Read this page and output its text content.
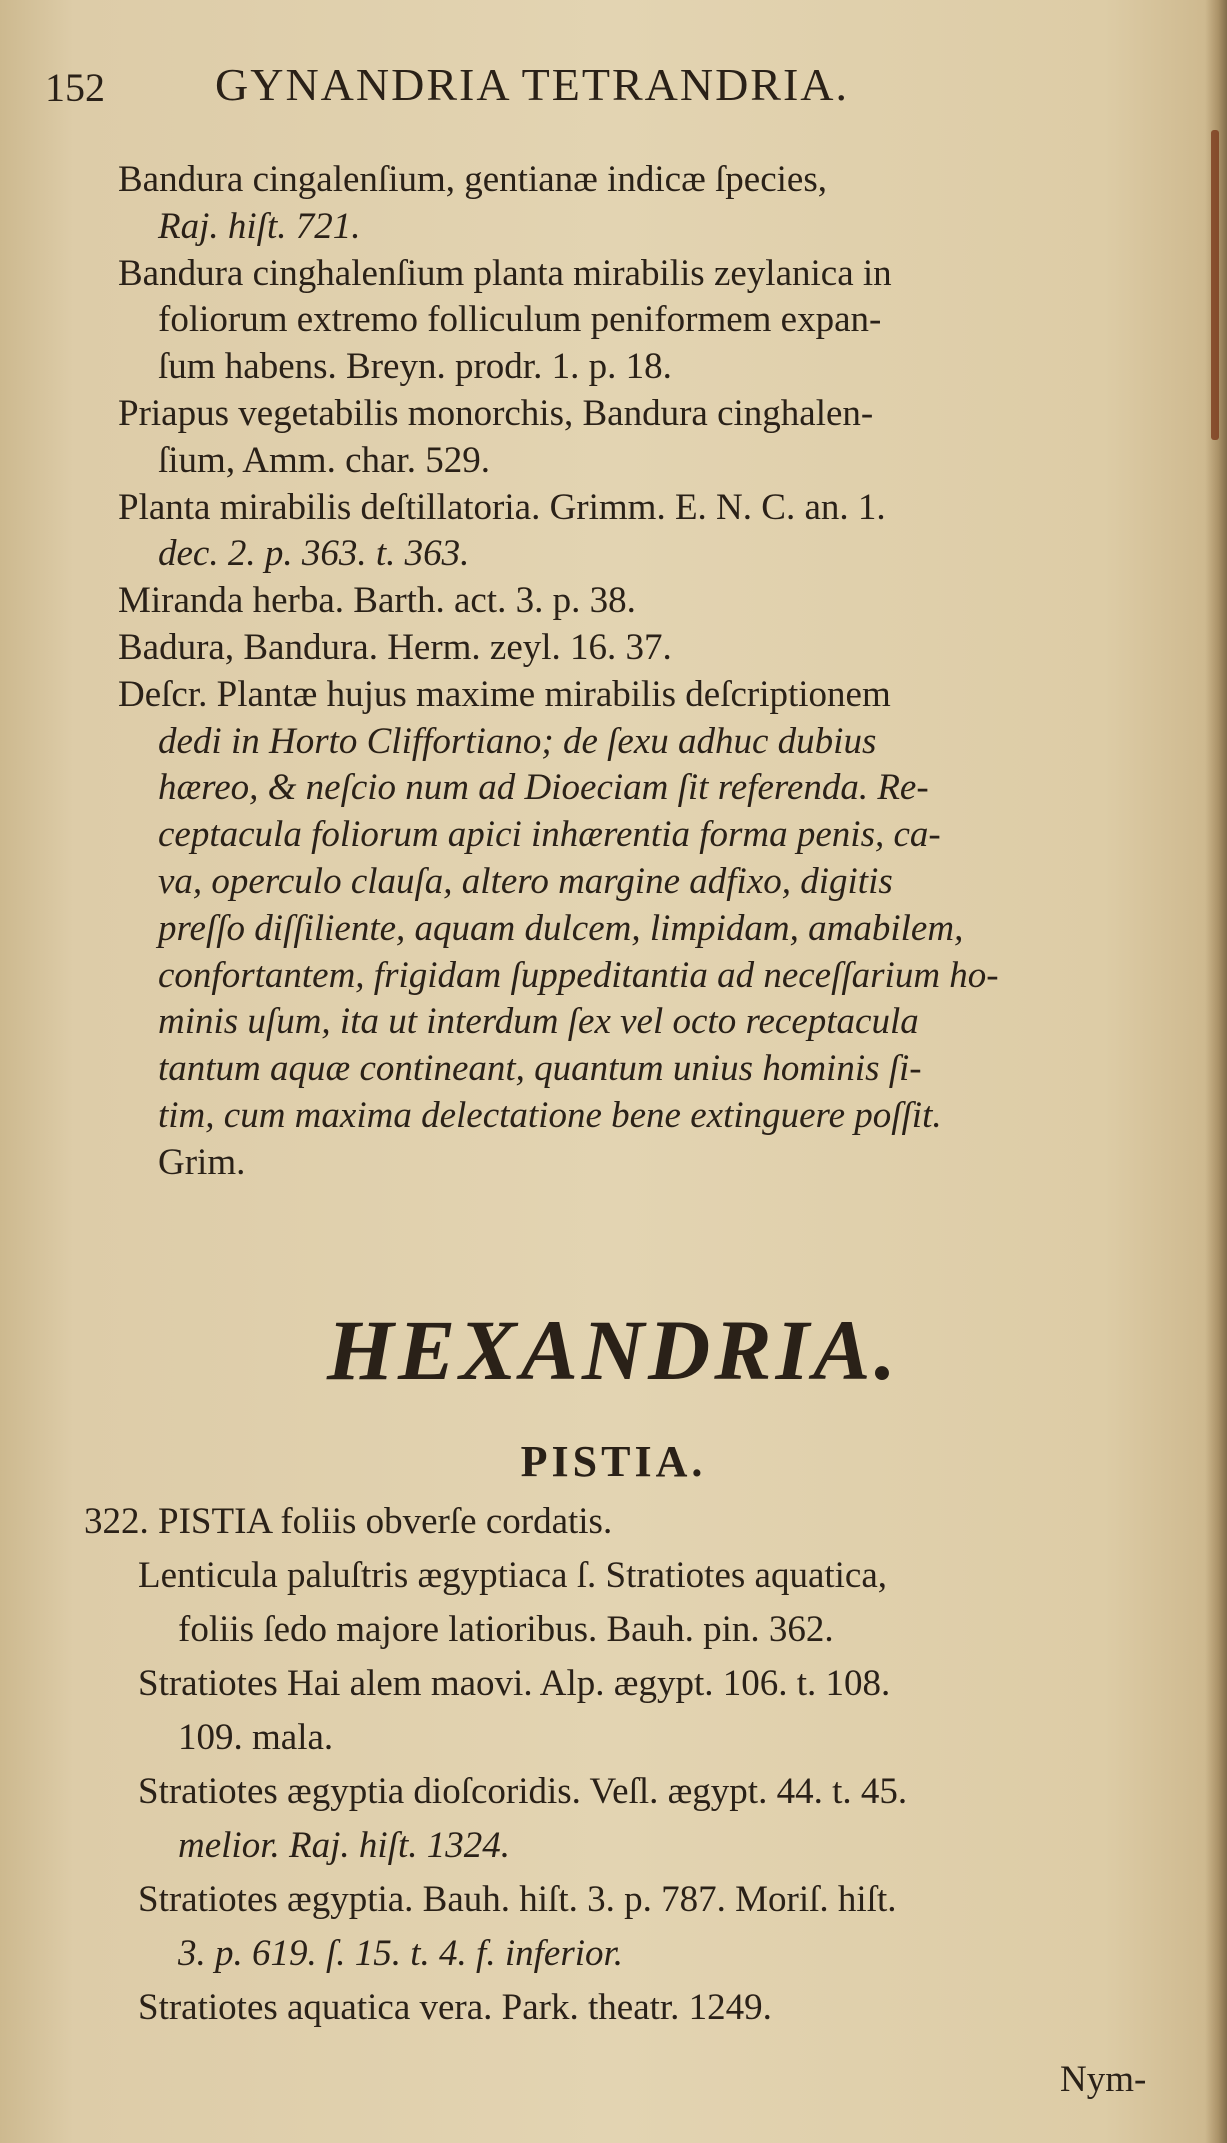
152 GYNANDRIA TETRANDRIA.
Bandura cingalenſium, gentianæ indicæ ſpecies,
Raj. hiſt. 721.
Bandura cinghalenſium planta mirabilis zeylanica in
foliorum extremo folliculum peniformem expan-
ſum habens. Breyn. prodr. 1. p. 18.
Priapus vegetabilis monorchis, Bandura cinghalen-
ſium, Amm. char. 529.
Planta mirabilis deſtillatoria. Grimm. E. N. C. an. 1.
dec. 2. p. 363. t. 363.
Miranda herba. Barth. act. 3. p. 38.
Badura, Bandura. Herm. zeyl. 16. 37.
Deſcr. Plantæ hujus maxime mirabilis deſcriptionem
dedi in Horto Cliffortiano; de ſexu adhuc dubius
hæreo, & neſcio num ad Dioeciam ſit referenda. Re-
ceptacula foliorum apici inhærentia forma penis, ca-
va, operculo clauſa, altero margine adfixo, digitis
preſſo diſſiliente, aquam dulcem, limpidam, amabilem,
confortantem, frigidam ſuppeditantia ad neceſſarium ho-
minis uſum, ita ut interdum ſex vel octo receptacula
tantum aquæ contineant, quantum unius hominis ſi-
tim, cum maxima delectatione bene extinguere poſſit.
Grim.
HEXANDRIA.
PISTIA.
322. PISTIA foliis obverſe cordatis.
Lenticula paluſtris ægyptiaca ſ. Stratiotes aquatica,
foliis ſedo majore latioribus. Bauh. pin. 362.
Stratiotes Hai alem maovi. Alp. ægypt. 106. t. 108.
109. mala.
Stratiotes ægyptia dioſcoridis. Veſl. ægypt. 44. t. 45.
melior. Raj. hiſt. 1324.
Stratiotes ægyptia. Bauh. hiſt. 3. p. 787. Moriſ. hiſt.
3. p. 619. ſ. 15. t. 4. f. inferior.
Stratiotes aquatica vera. Park. theatr. 1249.
Nym-
